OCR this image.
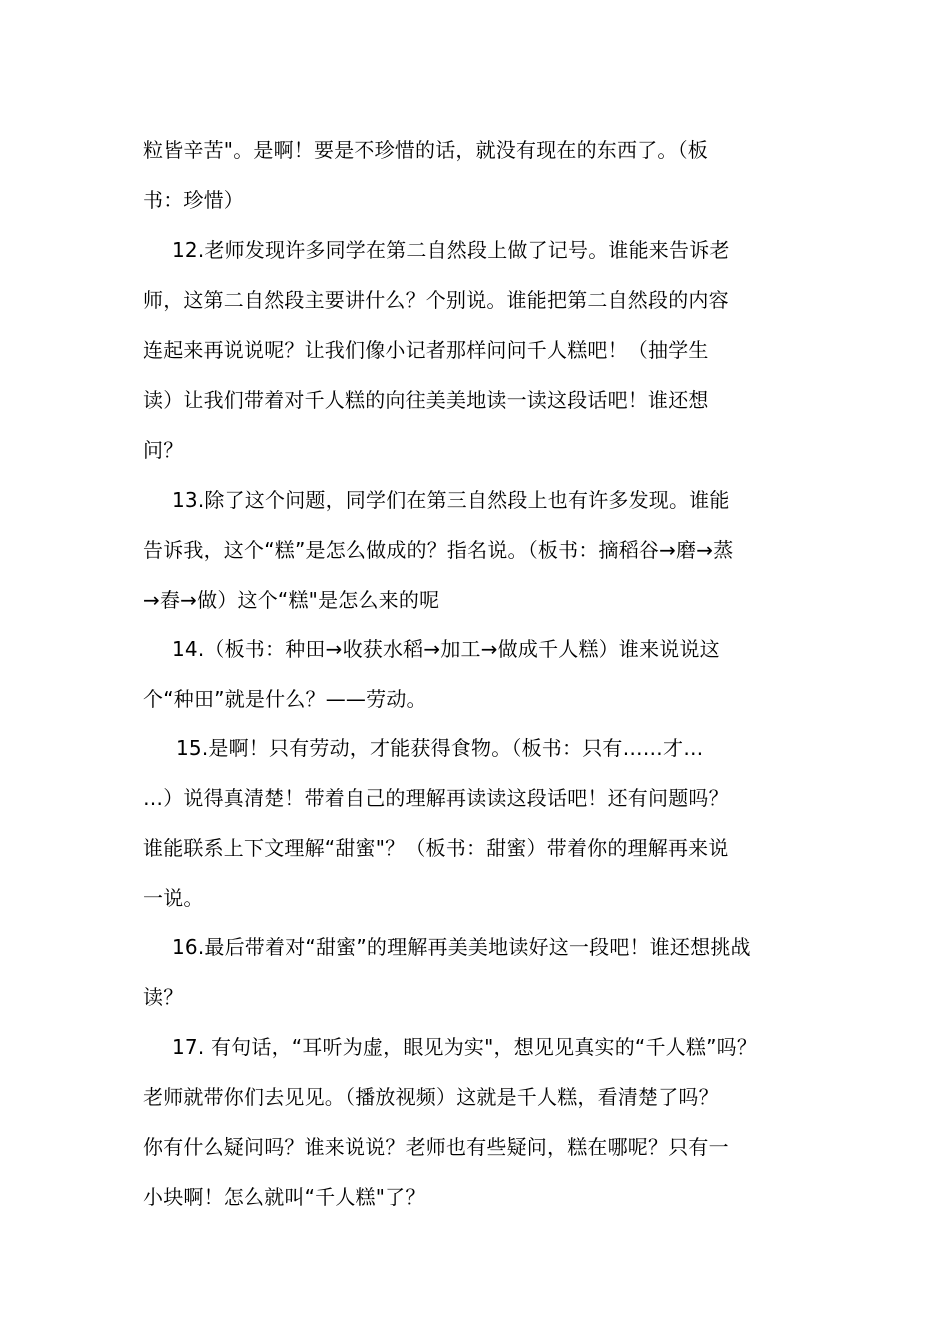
粒皆辛苦"。是啊！要是不珍惜的话，就没有现在的东西了。（板
书：珍惜）
12.老师发现许多同学在第二自然段上做了记号。谁能来告诉老
师，这第二自然段主要讲什么？个别说。谁能把第二自然段的内容
连起来再说说呢？让我们像小记者那样问问千人糕吧！（抽学生
读）让我们带着对千人糕的向往美美地读一读这段话吧！谁还想
问？
13.除了这个问题，同学们在第三自然段上也有许多发现。谁能
告诉我，这个“糕”是怎么做成的？指名说。（板书：摘稻谷→磨→蒸
→舂→做）这个“糕"是怎么来的呢
14.（板书：种田→收获水稻→加工→做成千人糕）谁来说说这
个“种田”就是什么？——劳动。
15.是啊！只有劳动，才能获得食物。（板书：只有……才…
…）说得真清楚！带着自己的理解再读读这段话吧！还有问题吗？
谁能联系上下文理解“甜蜜"？（板书：甜蜜）带着你的理解再来说
一说。
16.最后带着对“甜蜜”的理解再美美地读好这一段吧！谁还想挑战
读？
17. 有句话，“耳听为虚，眼见为实"，想见见真实的“千人糕”吗？
老师就带你们去见见。（播放视频）这就是千人糕，看清楚了吗？
你有什么疑问吗？谁来说说？老师也有些疑问，糕在哪呢？只有一
小块啊！怎么就叫“千人糕"了？
